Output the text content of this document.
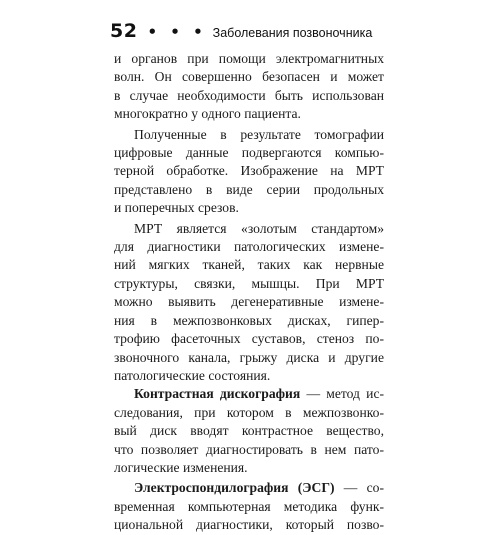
52 • • • Заболевания позвоночника
и органов при помощи электромагнитных
волн. Он совершенно безопасен и может
в случае необходимости быть использован
многократно у одного пациента.
Полученные в результате томографии
цифровые данные подвергаются компью-
терной обработке. Изображение на МРТ
представлено в виде серии продольных
и поперечных срезов.
МРТ является «золотым стандартом»
для диагностики патологических измене-
ний мягких тканей, таких как нервные
структуры, связки, мышцы. При МРТ
можно выявить дегенеративные измене-
ния в межпозвонковых дисках, гипер-
трофию фасеточных суставов, стеноз по-
звоночного канала, грыжу диска и другие
патологические состояния.
Контрастная дискография — метод ис-
следования, при котором в межпозвонко-
вый диск вводят контрастное вещество,
что позволяет диагностировать в нем пато-
логические изменения.
Электроспондилография (ЭСГ) — со-
временная компьютерная методика функ-
циональной диагностики, который позво-
